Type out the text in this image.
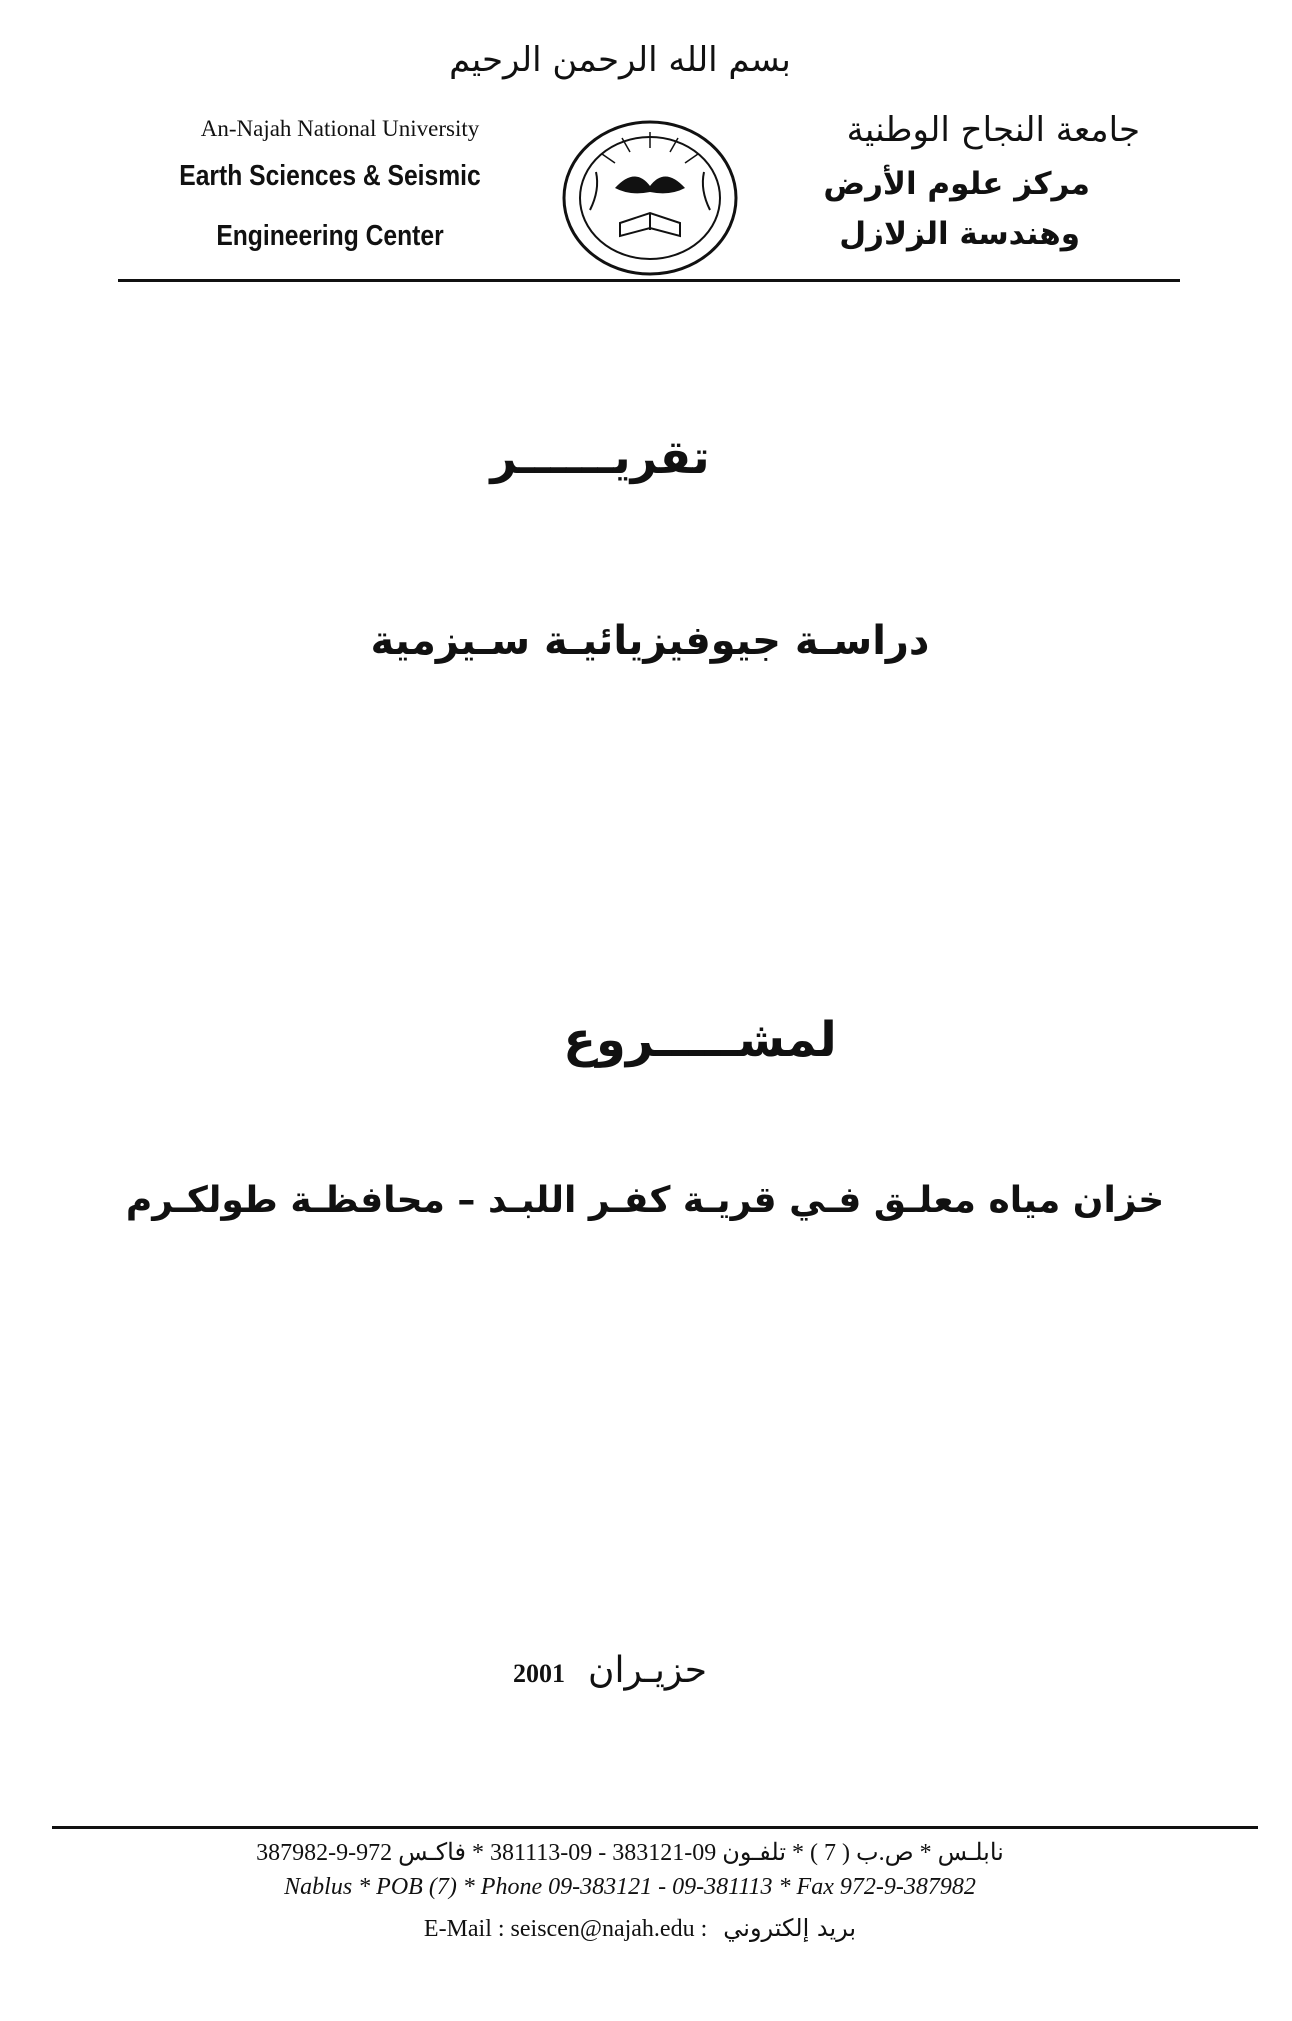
بسم الله الرحمن الرحيم
An-Najah National University
Earth Sciences & Seismic
Engineering Center
جامعة النجاح الوطنية
مركز علوم الأرض
وهندسة الزلازل
تقريــــــر
دراسـة جيوفيزيائيـة سـيزمية
لمشـــــروع
خزان مياه معلـق فـي قريـة كفـر اللبـد – محافظـة طولكـرم
2001 حزيـران
نابلـس * ص.ب ( 7 ) * تلفـون 09-383121 - 09-381113 * فاكـس 972-9-387982
Nablus * POB (7) * Phone 09-383121 - 09-381113 * Fax 972-9-387982
E-Mail : seiscen@najah.edu : بريد إلكتروني
